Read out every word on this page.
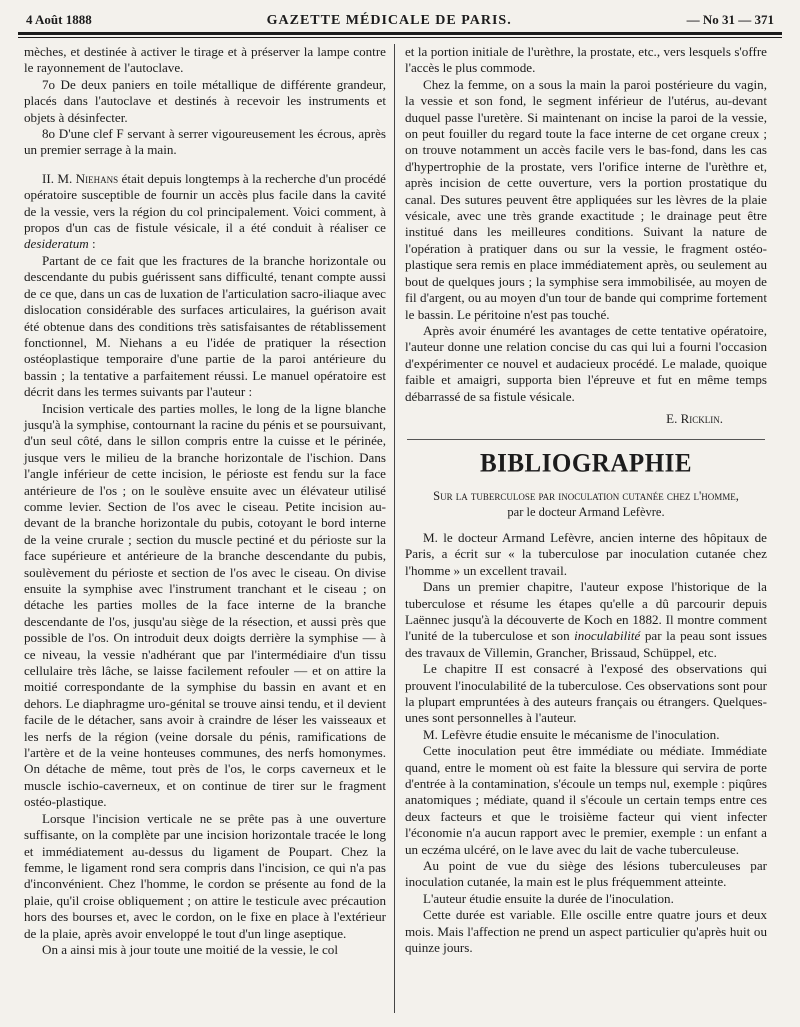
4 Août 1888	GAZETTE MÉDICALE DE PARIS.	— No 31 — 371

mèches, et destinée à activer le tirage et à préserver la lampe contre le rayonnement de l'autoclave.

7o De deux paniers en toile métallique de différente grandeur, placés dans l'autoclave et destinés à recevoir les instruments et objets à désinfecter.

8o D'une clef F servant à serrer vigoureusement les écrous, après un premier serrage à la main.

II. M. Niehans était depuis longtemps à la recherche d'un procédé opératoire susceptible de fournir un accès plus facile dans la cavité de la vessie, vers la région du col principalement. Voici comment, à propos d'un cas de fistule vésicale, il a été conduit à réaliser ce desideratum :

Partant de ce fait que les fractures de la branche horizontale ou descendante du pubis guérissent sans difficulté, tenant compte aussi de ce que, dans un cas de luxation de l'articulation sacro-iliaque avec dislocation considérable des surfaces articulaires, la guérison avait été obtenue dans des conditions très satisfaisantes de rétablissement fonctionnel, M. Niehans a eu l'idée de pratiquer la résection ostéoplastique temporaire d'une partie de la paroi antérieure du bassin ; la tentative a parfaitement réussi. Le manuel opératoire est décrit dans les termes suivants par l'auteur :

Incision verticale des parties molles, le long de la ligne blanche jusqu'à la symphise, contournant la racine du pénis et se poursuivant, d'un seul côté, dans le sillon compris entre la cuisse et le périnée, jusque vers le milieu de la branche horizontale de l'ischion. Dans l'angle inférieur de cette incision, le périoste est fendu sur la face antérieure de l'os ; on le soulève ensuite avec un élévateur utilisé comme levier. Section de l'os avec le ciseau. Petite incision au-devant de la branche horizontale du pubis, cotoyant le bord interne de la veine crurale ; section du muscle pectiné et du périoste sur la face supérieure et antérieure de la branche descendante du pubis, soulèvement du périoste et section de l'os avec le ciseau. On divise ensuite la symphise avec l'instrument tranchant et le ciseau ; on détache les parties molles de la face interne de la branche descendante de l'os, jusqu'au siège de la résection, et aussi près que possible de l'os. On introduit deux doigts derrière la symphise — à ce niveau, la vessie n'adhérant que par l'intermédiaire d'un tissu cellulaire très lâche, se laisse facilement refouler — et on attire la moitié correspondante de la symphise du bassin en avant et en dehors. Le diaphragme uro-génital se trouve ainsi tendu, et il devient facile de le détacher, sans avoir à craindre de léser les vaisseaux et les nerfs de la région (veine dorsale du pénis, ramifications de l'artère et de la veine honteuses communes, des nerfs homonymes. On détache de même, tout près de l'os, le corps caverneux et le muscle ischio-caverneux, et on continue de tirer sur le fragment ostéo-plastique.

Lorsque l'incision verticale ne se prête pas à une ouverture suffisante, on la complète par une incision horizontale tracée le long et immédiatement au-dessus du ligament de Poupart. Chez la femme, le ligament rond sera compris dans l'incision, ce qui n'a pas d'inconvénient. Chez l'homme, le cordon se présente au fond de la plaie, qu'il croise obliquement ; on attire le testicule avec précaution hors des bourses et, avec le cordon, on le fixe en place à l'extérieur de la plaie, après avoir enveloppé le tout d'un linge aseptique.

On a ainsi mis à jour toute une moitié de la vessie, le col

et la portion initiale de l'urèthre, la prostate, etc., vers lesquels s'offre l'accès le plus commode.

Chez la femme, on a sous la main la paroi postérieure du vagin, la vessie et son fond, le segment inférieur de l'utérus, au-devant duquel passe l'uretère. Si maintenant on incise la paroi de la vessie, on peut fouiller du regard toute la face interne de cet organe creux ; on trouve notamment un accès facile vers le bas-fond, dans les cas d'hypertrophie de la prostate, vers l'orifice interne de l'urèthre et, après incision de cette ouverture, vers la portion prostatique du canal. Des sutures peuvent être appliquées sur les lèvres de la plaie vésicale, avec une très grande exactitude ; le drainage peut être institué dans les meilleures conditions. Suivant la nature de l'opération à pratiquer dans ou sur la vessie, le fragment ostéo-plastique sera remis en place immédiatement après, ou seulement au bout de quelques jours ; la symphise sera immobilisée, au moyen de fil d'argent, ou au moyen d'un tour de bande qui comprime fortement le bassin. Le péritoine n'est pas touché.

Après avoir énuméré les avantages de cette tentative opératoire, l'auteur donne une relation concise du cas qui lui a fourni l'occasion d'expérimenter ce nouvel et audacieux procédé. Le malade, quoique faible et amaigri, supporta bien l'épreuve et fut en même temps débarrassé de sa fistule vésicale.

E. Ricklin.
BIBLIOGRAPHIE
Sur la tuberculose par inoculation cutanée chez l'homme,
par le docteur Armand Lefèvre.

M. le docteur Armand Lefèvre, ancien interne des hôpitaux de Paris, a écrit sur « la tuberculose par inoculation cutanée chez l'homme » un excellent travail.

Dans un premier chapitre, l'auteur expose l'historique de la tuberculose et résume les étapes qu'elle a dû parcourir depuis Laënnec jusqu'à la découverte de Koch en 1882. Il montre comment l'unité de la tuberculose et son inoculabilité par la peau sont issues des travaux de Villemin, Grancher, Brissaud, Schüppel, etc.

Le chapitre II est consacré à l'exposé des observations qui prouvent l'inoculabilité de la tuberculose. Ces observations sont pour la plupart empruntées à des auteurs français ou étrangers. Quelques-unes sont personnelles à l'auteur.

M. Lefèvre étudie ensuite le mécanisme de l'inoculation.

Cette inoculation peut être immédiate ou médiate. Immédiate quand, entre le moment où est faite la blessure qui servira de porte d'entrée à la contamination, s'écoule un temps nul, exemple : piqûres anatomiques ; médiate, quand il s'écoule un certain temps entre ces deux facteurs et que le troisième facteur qui vient infecter l'économie n'a aucun rapport avec le premier, exemple : un enfant a un eczéma ulcéré, on le lave avec du lait de vache tuberculeuse.

Au point de vue du siège des lésions tuberculeuses par inoculation cutanée, la main est le plus fréquemment atteinte.

L'auteur étudie ensuite la durée de l'inoculation.

Cette durée est variable. Elle oscille entre quatre jours et deux mois. Mais l'affection ne prend un aspect particulier qu'après huit ou quinze jours.
